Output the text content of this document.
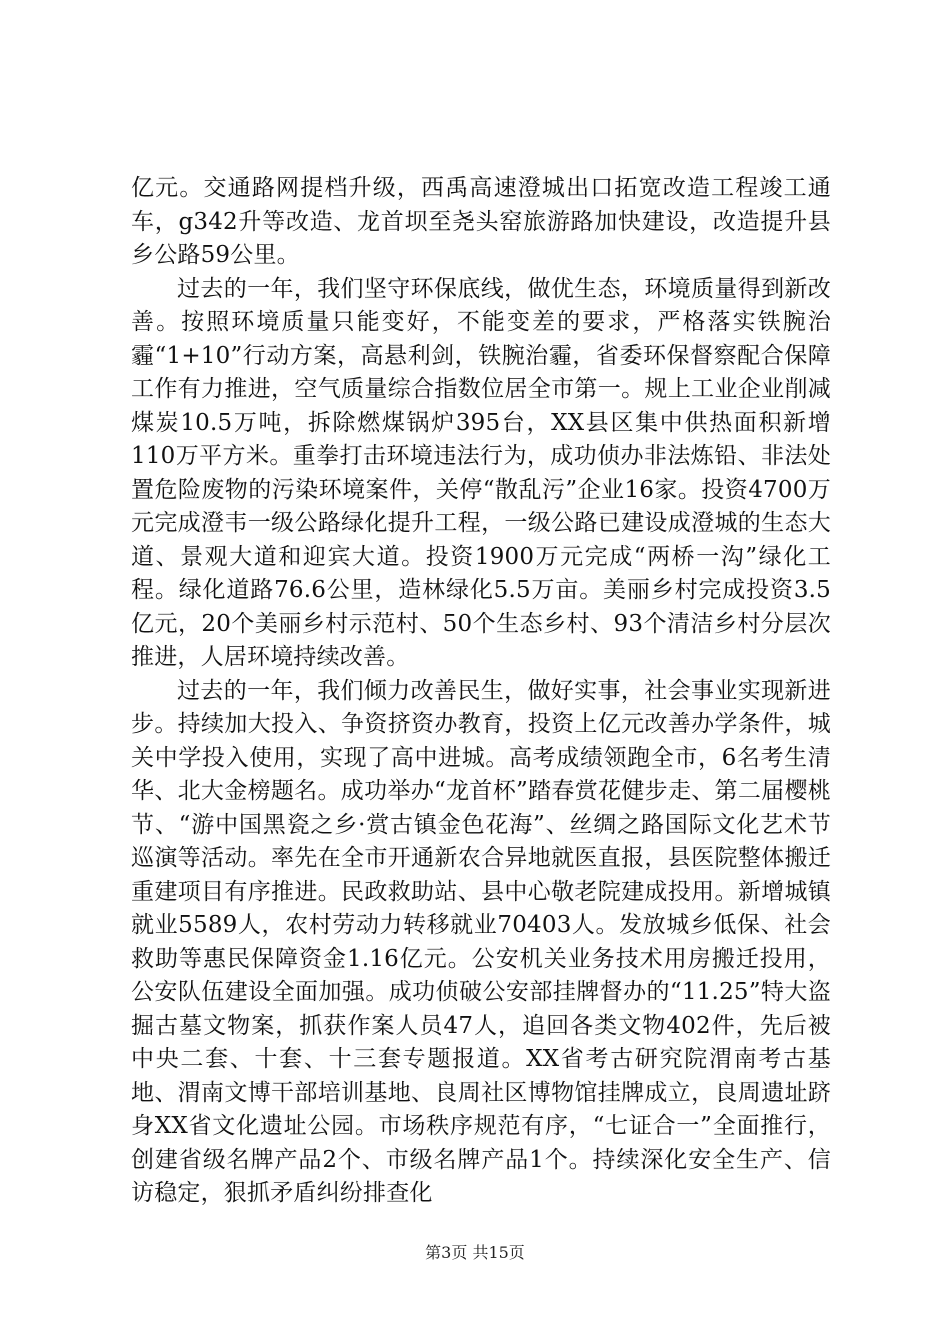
亿元。交通路网提档升级，西禹高速澄城出口拓宽改造工程竣工通车，g342升等改造、龙首坝至尧头窑旅游路加快建设，改造提升县乡公路59公里。

过去的一年，我们坚守环保底线，做优生态，环境质量得到新改善。按照环境质量只能变好，不能变差的要求，严格落实铁腕治霾“1+10”行动方案，高悬利剑，铁腕治霾，省委环保督察配合保障工作有力推进，空气质量综合指数位居全市第一。规上工业企业削减煤炭10.5万吨，拆除燃煤锅炉395台，XX县区集中供热面积新增110万平方米。重拳打击环境违法行为，成功侦办非法炼铅、非法处置危险废物的污染环境案件，关停“散乱污”企业16家。投资4700万元完成澄韦一级公路绿化提升工程，一级公路已建设成澄城的生态大道、景观大道和迎宾大道。投资1900万元完成“两桥一沟”绿化工程。绿化道路76.6公里，造林绿化5.5万亩。美丽乡村完成投资3.5亿元，20个美丽乡村示范村、50个生态乡村、93个清洁乡村分层次推进，人居环境持续改善。

过去的一年，我们倾力改善民生，做好实事，社会事业实现新进步。持续加大投入、争资挤资办教育，投资上亿元改善办学条件，城关中学投入使用，实现了高中进城。高考成绩领跑全市，6名考生清华、北大金榜题名。成功举办“龙首杯”踏春赏花健步走、第二届樱桃节、“游中国黑瓷之乡·赏古镇金色花海”、丝绸之路国际文化艺术节巡演等活动。率先在全市开通新农合异地就医直报，县医院整体搬迁重建项目有序推进。民政救助站、县中心敬老院建成投用。新增城镇就业5589人，农村劳动力转移就业70403人。发放城乡低保、社会救助等惠民保障资金1.16亿元。公安机关业务技术用房搬迁投用，公安队伍建设全面加强。成功侦破公安部挂牌督办的“11.25”特大盗掘古墓文物案，抓获作案人员47人，追回各类文物402件，先后被中央二套、十套、十三套专题报道。XX省考古研究院渭南考古基地、渭南文博干部培训基地、良周社区博物馆挂牌成立，良周遗址跻身XX省文化遗址公园。市场秩序规范有序，“七证合一”全面推行，创建省级名牌产品2个、市级名牌产品1个。持续深化安全生产、信访稳定，狠抓矛盾纠纷排查化

第3页 共15页
